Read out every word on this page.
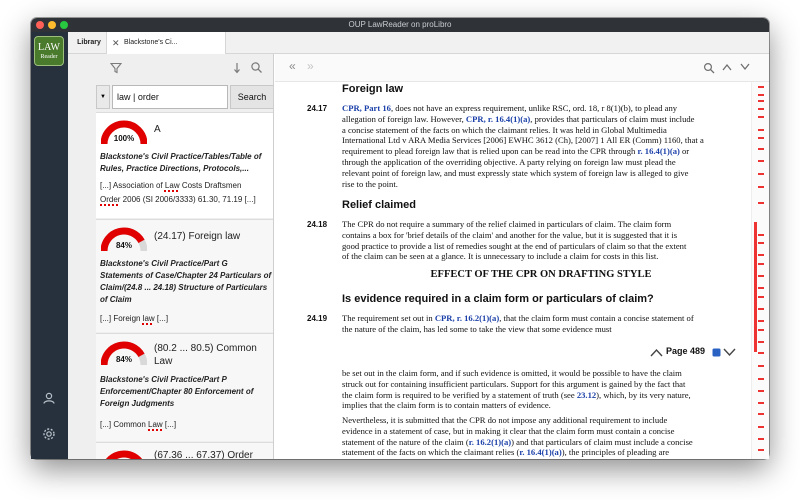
OUP LawReader on proLibro
LAW
Reader
Library	✕ Blackstone's Ci...
▼
law | order	Search
100%
A
Blackstone's Civil Practice/Tables/Table of Rules, Practice Directions, Protocols,...
[...] Association of Law Costs Draftsmen
Order 2006 (SI 2006/3333) 61.30, 71.19 [...]
84%
(24.17) Foreign law
Blackstone's Civil Practice/Part G Statements of Case/Chapter 24 Particulars of Claim/(24.8 ... 24.18) Structure of Particulars of Claim
[...] Foreign law [...]
84%
(80.2 ... 80.5) Common Law
Blackstone's Civil Practice/Part P Enforcement/Chapter 80 Enforcement of Foreign Judgments
[...] Common Law [...]
(67.36 ... 67.37) Order
« »
Foreign law
24.17 CPR, Part 16, does not have an express requirement, unlike RSC, ord. 18, r 8(1)(b), to plead any
allegation of foreign law. However, CPR, r. 16.4(1)(a), provides that particulars of claim must include
a concise statement of the facts on which the claimant relies. It was held in Global Multimedia
International Ltd v ARA Media Services [2006] EWHC 3612 (Ch), [2007] 1 All ER (Comm) 1160, that a
requirement to plead foreign law that is relied upon can be read into the CPR through r. 16.4(1)(a) or
through the application of the overriding objective. A party relying on foreign law must plead the
relevant point of foreign law, and must expressly state which system of foreign law is alleged to give
rise to the point.
Relief claimed
24.18 The CPR do not require a summary of the relief claimed in particulars of claim. The claim form
contains a box for 'brief details of the claim' and another for the value, but it is suggested that it is
good practice to provide a list of remedies sought at the end of particulars of claim so that the extent
of the claim can be seen at a glance. It is unnecessary to include a claim for costs in this list.
EFFECT OF THE CPR ON DRAFTING STYLE
Is evidence required in a claim form or particulars of claim?
24.19 The requirement set out in CPR, r. 16.2(1)(a), that the claim form must contain a concise statement of
the nature of the claim, has led some to take the view that some evidence must
Page 489
be set out in the claim form, and if such evidence is omitted, it would be possible to have the claim
struck out for containing insufficient particulars. Support for this argument is gained by the fact that
the claim form is required to be verified by a statement of truth (see 23.12), which, by its very nature,
implies that the claim form is to contain matters of evidence.
Nevertheless, it is submitted that the CPR do not impose any additional requirement to include
evidence in a statement of case, but in making it clear that the claim form must contain a concise
statement of the nature of the claim (r. 16.2(1)(a)) and that particulars of claim must include a concise
statement of the facts on which the claimant relies (r. 16.4(1)(a)), the principles of pleading are
